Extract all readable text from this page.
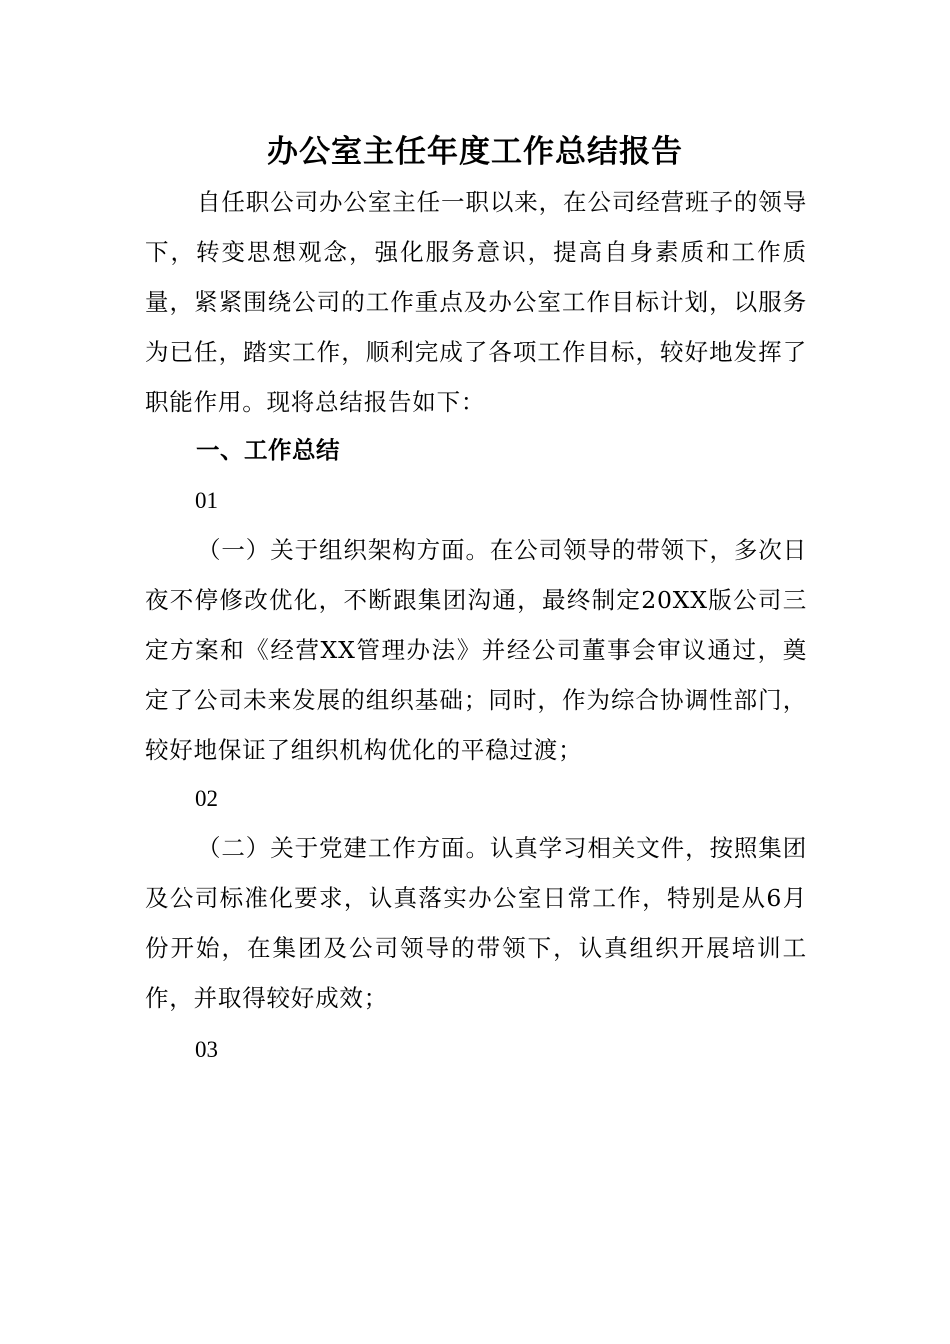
办公室主任年度工作总结报告

自任职公司办公室主任一职以来，在公司经营班子的领导下，转变思想观念，强化服务意识，提高自身素质和工作质量，紧紧围绕公司的工作重点及办公室工作目标计划，以服务为已任，踏实工作，顺利完成了各项工作目标，较好地发挥了职能作用。现将总结报告如下：

一、工作总结

01

（一）关于组织架构方面。在公司领导的带领下，多次日夜不停修改优化，不断跟集团沟通，最终制定20XX版公司三定方案和《经营XX管理办法》并经公司董事会审议通过，奠定了公司未来发展的组织基础；同时，作为综合协调性部门，较好地保证了组织机构优化的平稳过渡；

02

（二）关于党建工作方面。认真学习相关文件，按照集团及公司标准化要求，认真落实办公室日常工作，特别是从6月份开始，在集团及公司领导的带领下，认真组织开展培训工作，并取得较好成效；

03
